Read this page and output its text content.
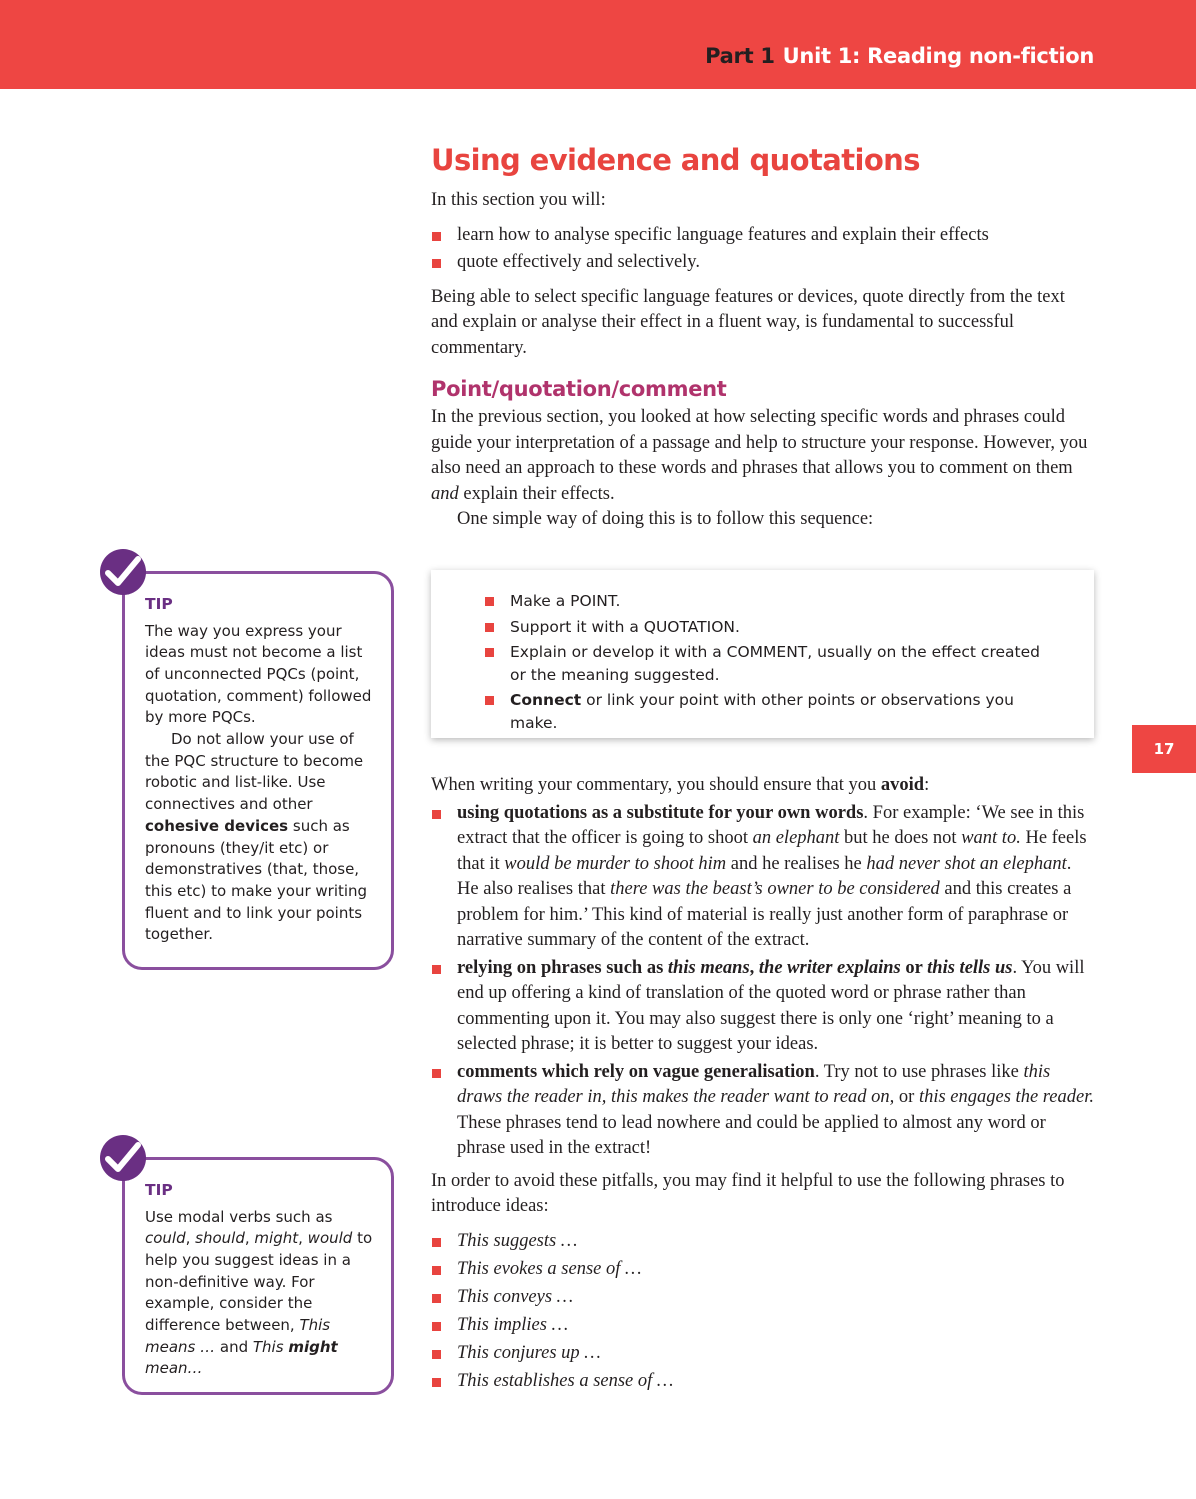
Part 1 Unit 1: Reading non‑fiction
17
Using evidence and quotations

In this section you will:

learn how to analyse specific language features and explain their effects
quote effectively and selectively.

Being able to select specific language features or devices, quote directly from the text and explain or analyse their effect in a fluent way, is fundamental to successful commentary.

Point/quotation/comment

In the previous section, you looked at how selecting specific words and phrases could guide your interpretation of a passage and help to structure your response. However, you also need an approach to these words and phrases that allows you to comment on them and explain their effects.

One simple way of doing this is to follow this sequence:

Make a POINT.
Support it with a QUOTATION.
Explain or develop it with a COMMENT, usually on the effect created or the meaning suggested.
Connect or link your point with other points or observations you make.

When writing your commentary, you should ensure that you avoid:

using quotations as a substitute for your own words. For example: ‘We see in this extract that the officer is going to shoot an elephant but he does not want to. He feels that it would be murder to shoot him and he realises he had never shot an elephant. He also realises that there was the beast’s owner to be considered and this creates a problem for him.’ This kind of material is really just another form of paraphrase or narrative summary of the content of the extract.
relying on phrases such as this means, the writer explains or this tells us. You will end up offering a kind of translation of the quoted word or phrase rather than commenting upon it. You may also suggest there is only one ‘right’ meaning to a selected phrase; it is better to suggest your ideas.
comments which rely on vague generalisation. Try not to use phrases like this draws the reader in, this makes the reader want to read on, or this engages the reader. These phrases tend to lead nowhere and could be applied to almost any word or phrase used in the extract!

In order to avoid these pitfalls, you may find it helpful to use the following phrases to introduce ideas:

This suggests …
This evokes a sense of …
This conveys …
This implies …
This conjures up …
This establishes a sense of …

TIP

The way you express your ideas must not become a list of unconnected PQCs (point, quotation, comment) followed by more PQCs.

Do not allow your use of the PQC structure to become robotic and list-like. Use connectives and other cohesive devices such as pronouns (they/it etc) or demonstratives (that, those, this etc) to make your writing fluent and to link your points together.

TIP

Use modal verbs such as could, should, might, would to help you suggest ideas in a non-definitive way. For example, consider the difference between, This means … and This might mean…
